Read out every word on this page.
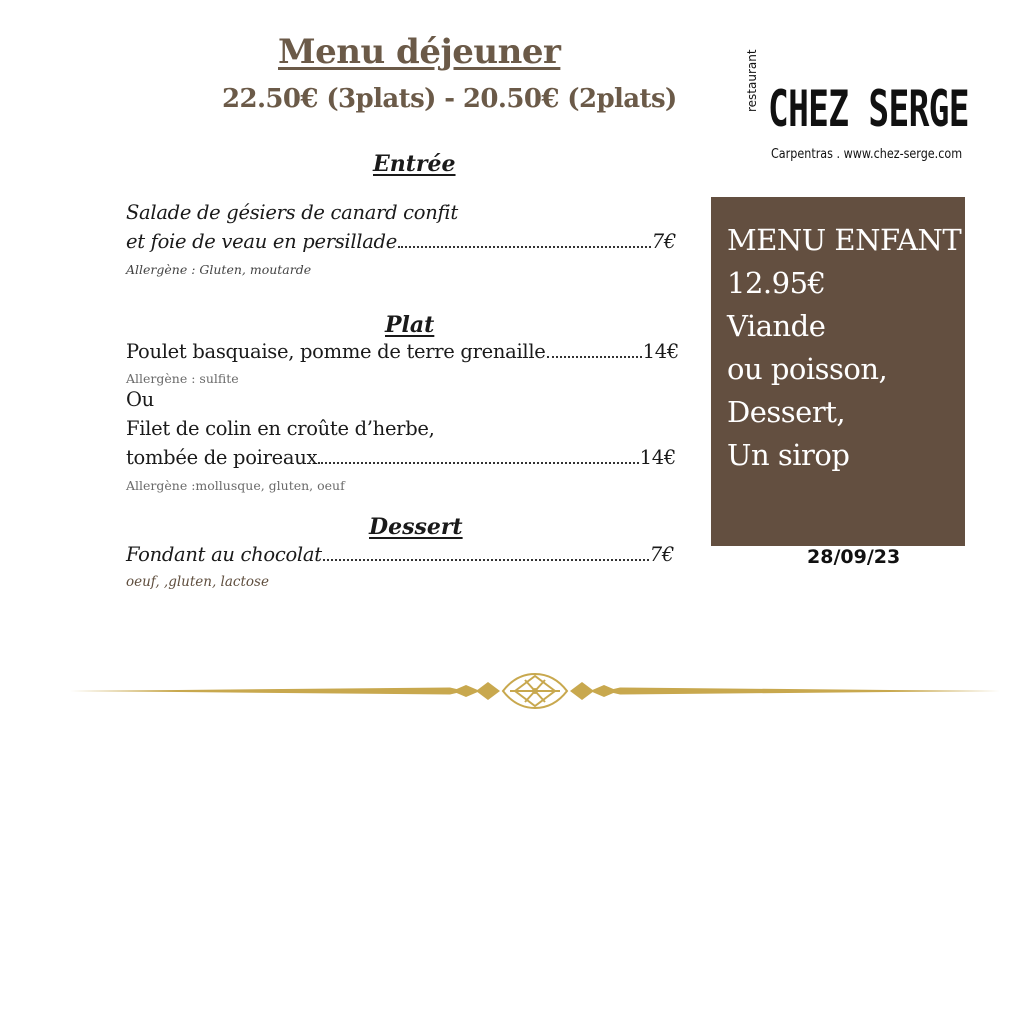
Menu déjeuner
22.50€ (3plats) - 20.50€ (2plats)	restaurant CHEZ SERGE
Carpentras . www.chez-serge.com
Entrée
Salade de gésiers de canard confit
et foie de veau en persillade	7€
Allergène : Gluten, moutarde
Plat
Poulet basquaise, pomme de terre grenaille	14€
Allergène : sulfite
Ou
Filet de colin en croûte d’herbe,
tombée de poireaux	14€
Allergène :mollusque, gluten, oeuf
Dessert
Fondant au chocolat	7€
oeuf, ,gluten, lactose
MENU ENFANT
12.95€
Viande
ou poisson,
Dessert,
Un sirop
28/09/23
